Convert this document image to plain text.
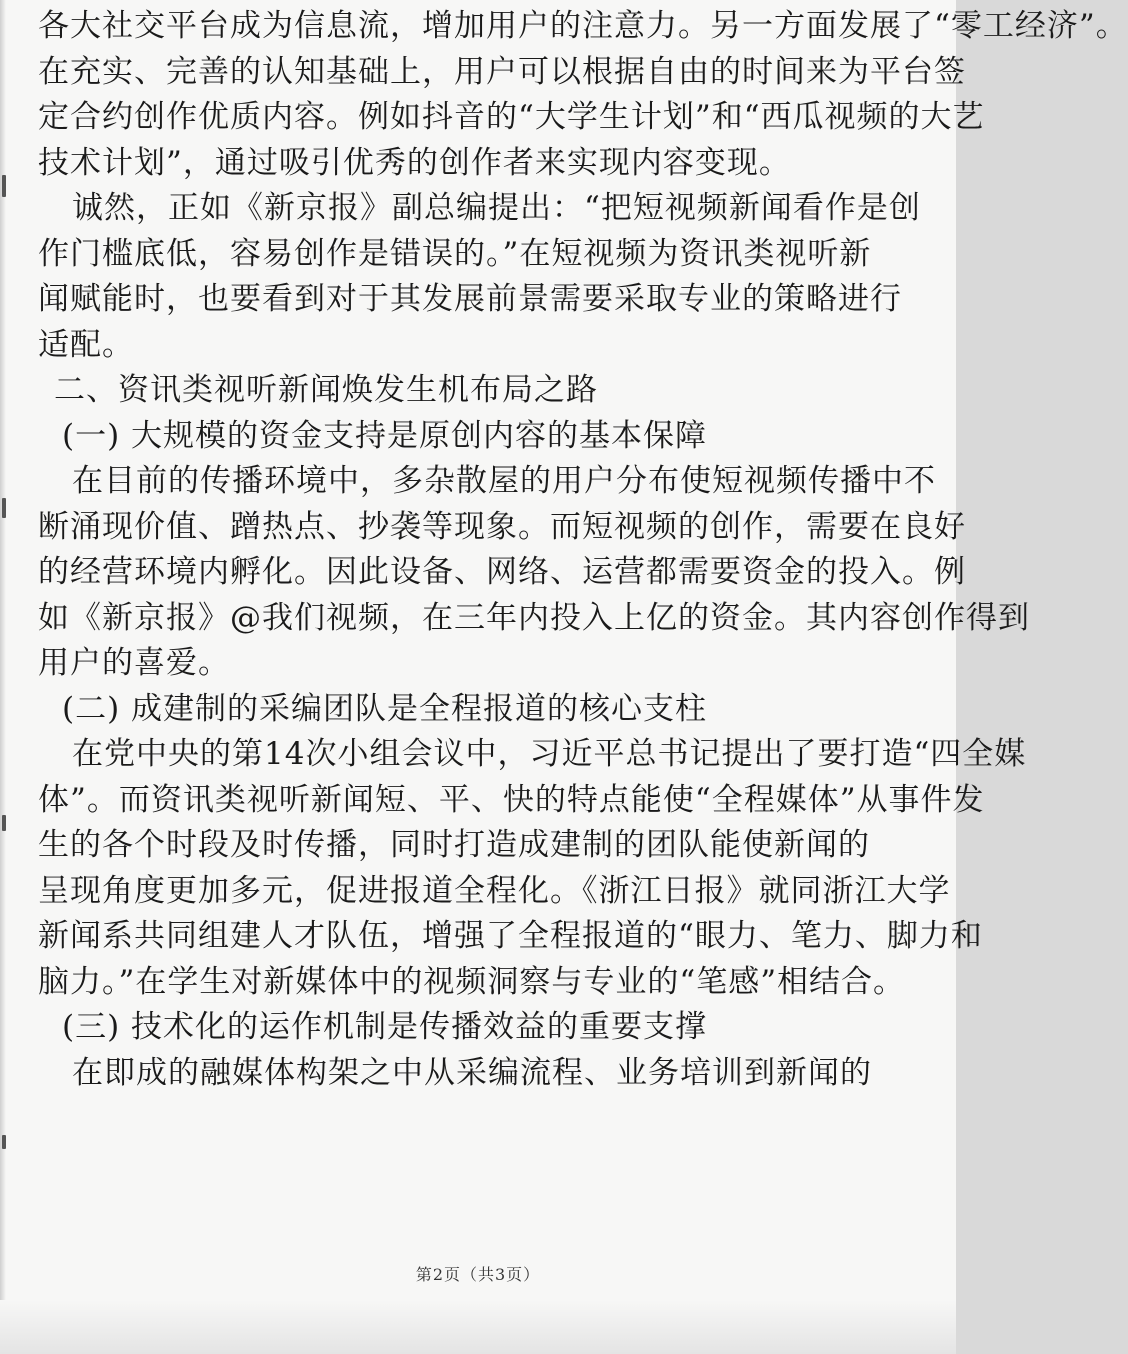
各大社交平台成为信息流，增加用户的注意力。另一方面发展了“零工经济”。
在充实、完善的认知基础上，用户可以根据自由的时间来为平台签
定合约创作优质内容。例如抖音的“大学生计划”和“西瓜视频的大艺
技术计划”，通过吸引优秀的创作者来实现内容变现。
诚然，正如《新京报》副总编提出：“把短视频新闻看作是创
作门槛底低，容易创作是错误的。”在短视频为资讯类视听新
闻赋能时，也要看到对于其发展前景需要采取专业的策略进行
适配。
二、资讯类视听新闻焕发生机布局之路
(一) 大规模的资金支持是原创内容的基本保障
在目前的传播环境中，多杂散屋的用户分布使短视频传播中不
断涌现价值、蹭热点、抄袭等现象。而短视频的创作，需要在良好
的经营环境内孵化。因此设备、网络、运营都需要资金的投入。例
如《新京报》@我们视频，在三年内投入上亿的资金。其内容创作得到
用户的喜爱。
(二) 成建制的采编团队是全程报道的核心支柱
在党中央的第14次小组会议中，习近平总书记提出了要打造“四全媒
体”。而资讯类视听新闻短、平、快的特点能使“全程媒体”从事件发
生的各个时段及时传播，同时打造成建制的团队能使新闻的
呈现角度更加多元，促进报道全程化。《浙江日报》就同浙江大学
新闻系共同组建人才队伍，增强了全程报道的“眼力、笔力、脚力和
脑力。”在学生对新媒体中的视频洞察与专业的“笔感”相结合。
(三) 技术化的运作机制是传播效益的重要支撑
在即成的融媒体构架之中从采编流程、业务培训到新闻的
第2页（共3页）
